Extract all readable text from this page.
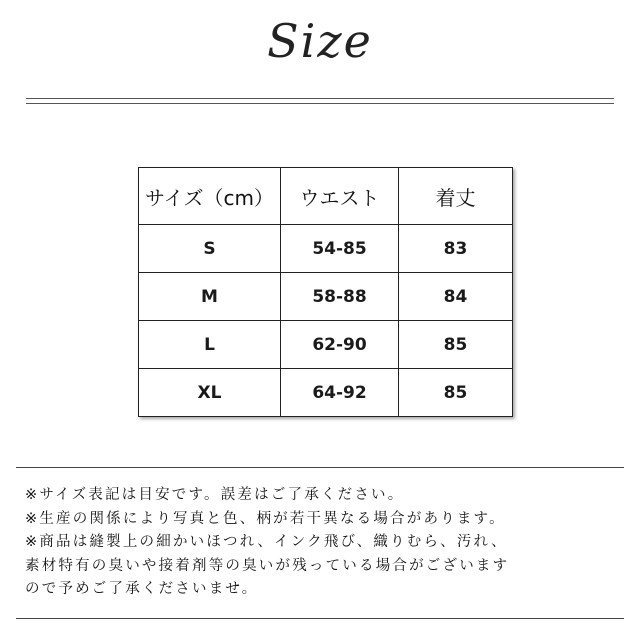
Size
サイズ（cm）	ウエスト	着丈
S	54-85	83
M	58-88	84
L	62-90	85
XL	64-92	85
※サイズ表記は目安です。誤差はご了承ください。
※生産の関係により写真と色、柄が若干異なる場合があります。
※商品は縫製上の細かいほつれ、インク飛び、織りむら、汚れ、
素材特有の臭いや接着剤等の臭いが残っている場合がございます
ので予めご了承くださいませ。
